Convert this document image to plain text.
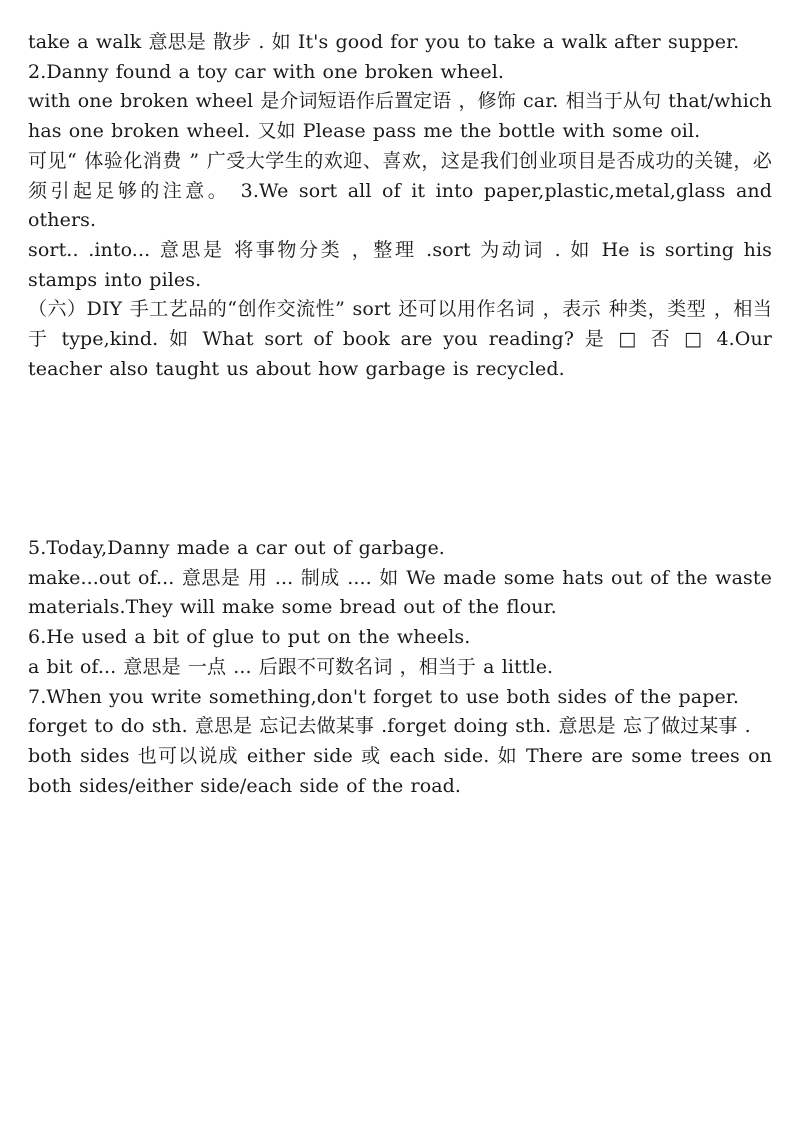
take a walk 意思是 散步 . 如 It's good for you to take a walk after supper.

2.Danny found a toy car with one broken wheel.

with one broken wheel 是介词短语作后置定语 ，修饰 car. 相当于从句 that/which has one broken wheel. 又如 Please pass me the bottle with some oil.

可见“ 体验化消费 ” 广受大学生的欢迎、喜欢，这是我们创业项目是否成功的关键，必须引起足够的注意。 3.We sort all of it into paper,plastic,metal,glass and others.

sort.. .into... 意思是 将事物分类 ，整理 .sort 为动词 . 如 He is sorting his stamps into piles.

（六）DIY 手工艺品的“创作交流性” sort 还可以用作名词 ，表示 种类，类型 ，相当于 type,kind. 如 What sort of book are you reading? 是 □ 否 □ 4.Our teacher also taught us about how garbage is recycled.

5.Today,Danny made a car out of garbage.

make...out of... 意思是 用 ... 制成 .... 如 We made some hats out of the waste materials.They will make some bread out of the flour.

6.He used a bit of glue to put on the wheels.

a bit of... 意思是 一点 ... 后跟不可数名词 ，相当于 a little.

7.When you write something,don't forget to use both sides of the paper.

forget to do sth. 意思是 忘记去做某事 .forget doing sth. 意思是 忘了做过某事 .

both sides 也可以说成 either side 或 each side. 如 There are some trees on both sides/either side/each side of the road.
